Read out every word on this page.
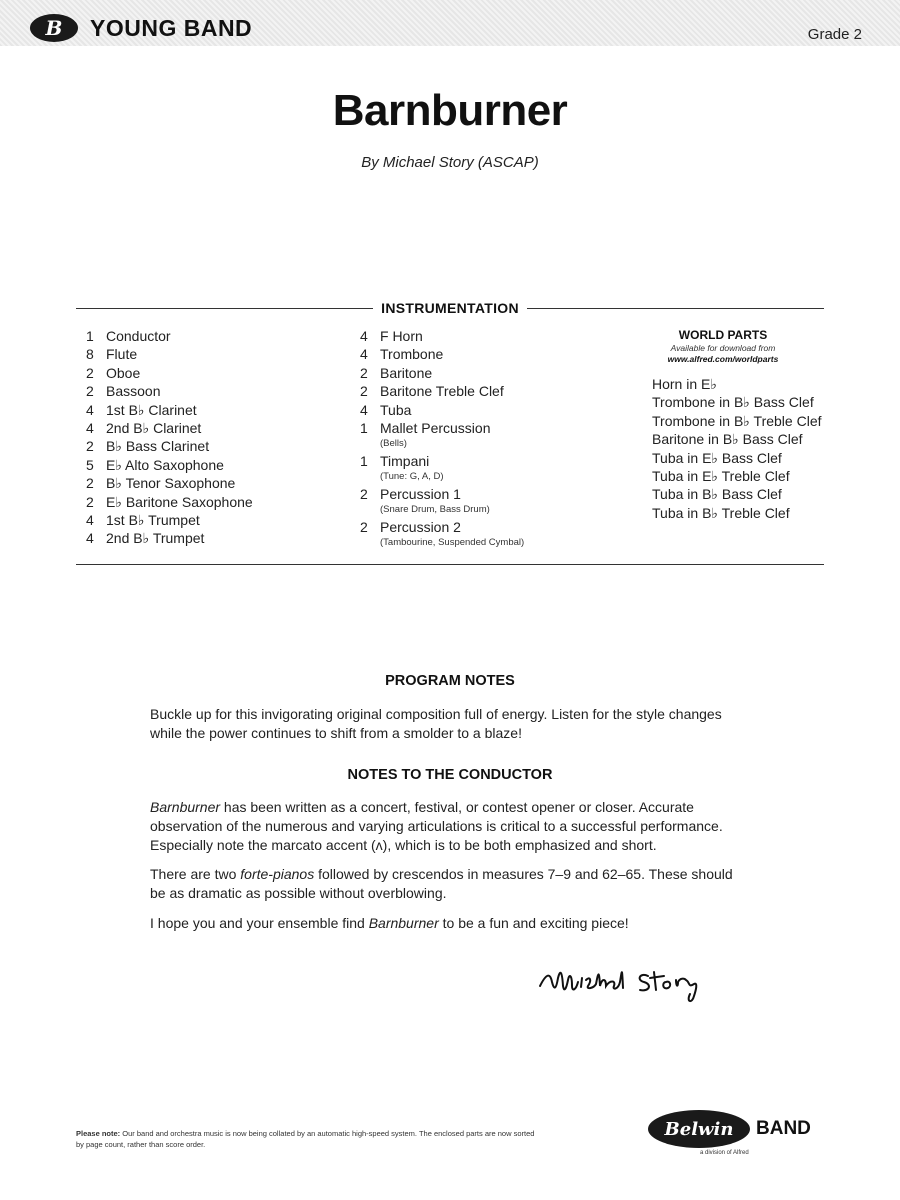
B YOUNG BAND	Grade 2
Barnburner
By Michael Story (ASCAP)
INSTRUMENTATION
1 Conductor
8 Flute
2 Oboe
2 Bassoon
4 1st B♭ Clarinet
4 2nd B♭ Clarinet
2 B♭ Bass Clarinet
5 E♭ Alto Saxophone
2 B♭ Tenor Saxophone
2 E♭ Baritone Saxophone
4 1st B♭ Trumpet
4 2nd B♭ Trumpet
4 F Horn
4 Trombone
2 Baritone
2 Baritone Treble Clef
4 Tuba
1 Mallet Percussion
(Bells)
1 Timpani
(Tune: G, A, D)
2 Percussion 1
(Snare Drum, Bass Drum)
2 Percussion 2
(Tambourine, Suspended Cymbal)
WORLD PARTS
Available for download from
www.alfred.com/worldparts
Horn in E♭
Trombone in B♭ Bass Clef
Trombone in B♭ Treble Clef
Baritone in B♭ Bass Clef
Tuba in E♭ Bass Clef
Tuba in E♭ Treble Clef
Tuba in B♭ Bass Clef
Tuba in B♭ Treble Clef
PROGRAM NOTES
Buckle up for this invigorating original composition full of energy. Listen for the style changes while the power continues to shift from a smolder to a blaze!
NOTES TO THE CONDUCTOR
Barnburner has been written as a concert, festival, or contest opener or closer. Accurate observation of the numerous and varying articulations is critical to a successful performance. Especially note the marcato accent (ʌ), which is to be both emphasized and short.
There are two forte-pianos followed by crescendos in measures 7–9 and 62–65. These should be as dramatic as possible without overblowing.
I hope you and your ensemble find Barnburner to be a fun and exciting piece!
Please note: Our band and orchestra music is now being collated by an automatic high-speed system. The enclosed parts are now sorted by page count, rather than score order.
Belwin BAND
a division of Alfred
